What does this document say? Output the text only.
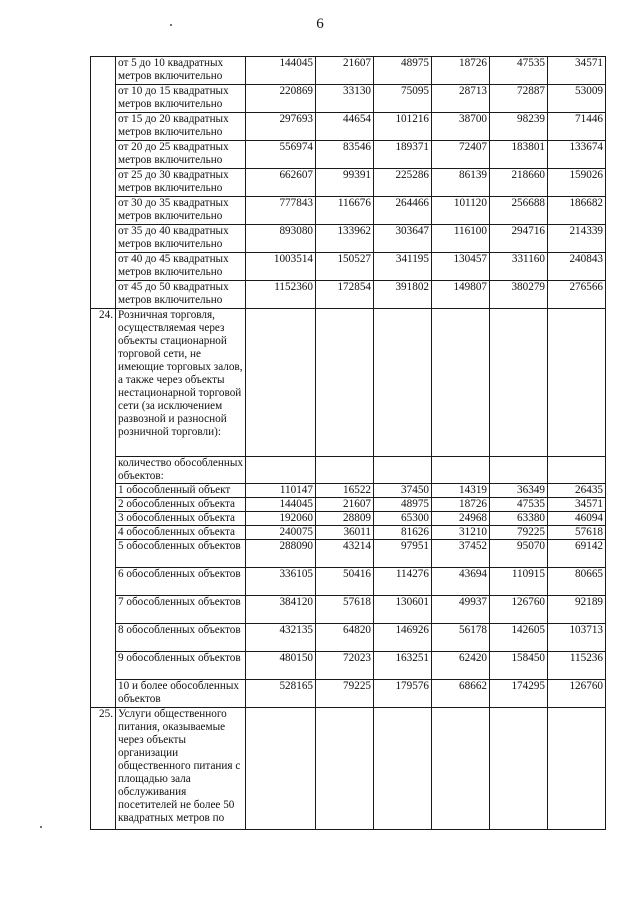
6
	от 5 до 10 квадратных метров включительно	144045	21607	48975	18726	47535	34571
	от 10 до 15 квадратных метров включительно	220869	33130	75095	28713	72887	53009
	от 15 до 20 квадратных метров включительно	297693	44654	101216	38700	98239	71446
	от 20 до 25 квадратных метров включительно	556974	83546	189371	72407	183801	133674
	от 25 до 30 квадратных метров включительно	662607	99391	225286	86139	218660	159026
	от 30 до 35 квадратных метров включительно	777843	116676	264466	101120	256688	186682
	от 35 до 40 квадратных метров включительно	893080	133962	303647	116100	294716	214339
	от 40 до 45 квадратных метров включительно	1003514	150527	341195	130457	331160	240843
	от 45 до 50 квадратных метров включительно	1152360	172854	391802	149807	380279	276566
24.	Розничная торговля, осуществляемая через объекты стационарной торговой сети, не имеющие торговых залов, а также через объекты нестационарной торговой сети (за исключением развозной и разносной розничной торговли):						
	количество обособленных объектов:						
	1 обособленный объект	110147	16522	37450	14319	36349	26435
	2 обособленных объекта	144045	21607	48975	18726	47535	34571
	3 обособленных объекта	192060	28809	65300	24968	63380	46094
	4 обособленных объекта	240075	36011	81626	31210	79225	57618
	5 обособленных объектов	288090	43214	97951	37452	95070	69142
	6 обособленных объектов	336105	50416	114276	43694	110915	80665
	7 обособленных объектов	384120	57618	130601	49937	126760	92189
	8 обособленных объектов	432135	64820	146926	56178	142605	103713
	9 обособленных объектов	480150	72023	163251	62420	158450	115236
	10 и более обособленных объектов	528165	79225	179576	68662	174295	126760
25.	Услуги общественного питания, оказываемые через объекты организации общественного питания с площадью зала обслуживания посетителей не более 50 квадратных метров по						
